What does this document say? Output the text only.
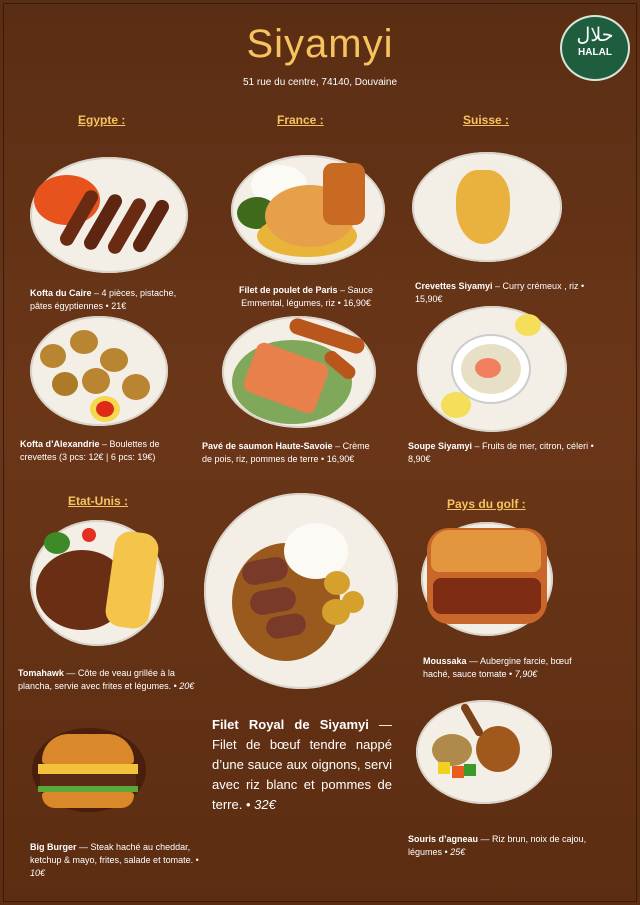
Siyamyi
51 rue du centre, 74140, Douvaine
حلال
HALAL
Egypte :	France :	Suisse :
Etat-Unis :	Pays du golf :
Kofta du Caire – 4 pièces, pistache, pâtes égyptiennes • 21€
Filet de poulet de Paris – Sauce Emmental, légumes, riz • 16,90€
Crevettes Siyamyi – Curry crémeux , riz • 15,90€
Kofta d’Alexandrie – Boulettes de crevettes (3 pcs: 12€ | 6 pcs: 19€)
Pavé de saumon Haute-Savoie – Crème de pois, riz, pommes de terre • 16,90€
Soupe Siyamyi – Fruits de mer, citron, céleri • 8,90€
Tomahawk — Côte de veau grillée à la plancha, servie avec frites et légumes. • 20€
Filet Royal de Siyamyi — Filet de bœuf tendre nappé d’une sauce aux oignons, servi avec riz blanc et pommes de terre. • 32€
Moussaka — Aubergine farcie, bœuf haché, sauce tomate • 7,90€
Big Burger — Steak haché au cheddar, ketchup & mayo, frites, salade et tomate. • 10€
Souris d’agneau — Riz brun, noix de cajou, légumes • 25€
